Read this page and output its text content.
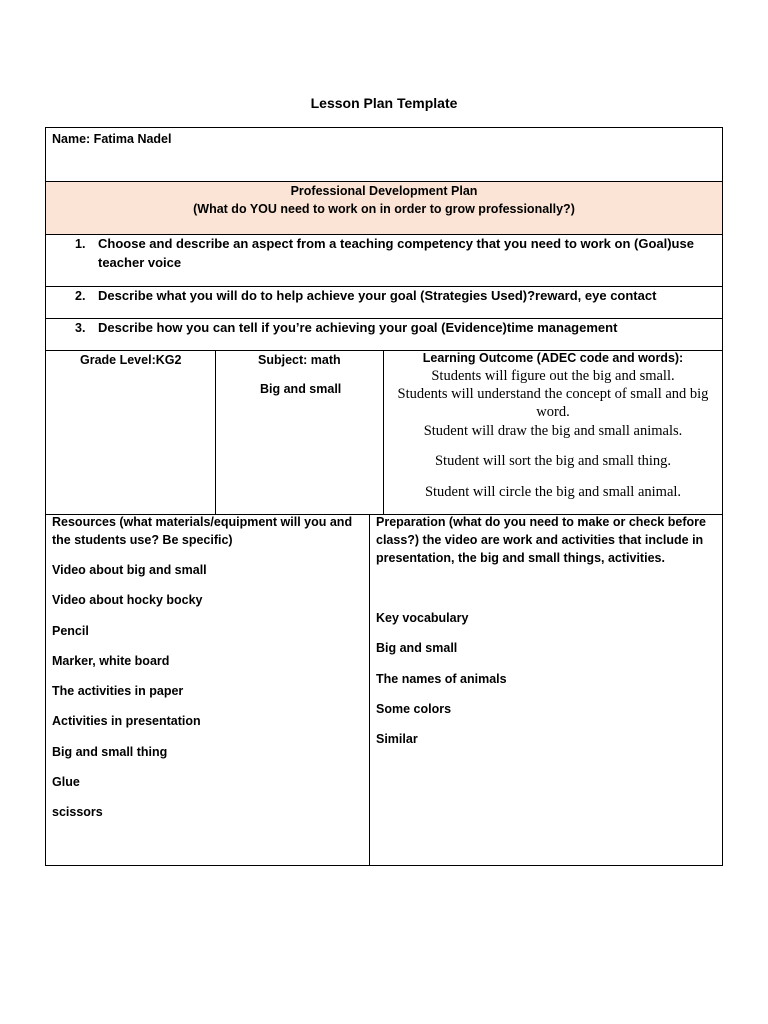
Lesson Plan Template
Name: Fatima Nadel
Professional Development Plan
(What do YOU need to work on in order to grow professionally?)
1. Choose and describe an aspect from a teaching competency that you need to work on (Goal)use
teacher voice
2. Describe what you will do to help achieve your goal (Strategies Used)?reward, eye contact
3. Describe how you can tell if you’re achieving your goal (Evidence)time management
Grade Level:KG2	Subject: math
Big and small
Learning Outcome (ADEC code and words):
Students will figure out the big and small.
Students will understand the concept of small and big
word.
Student will draw the big and small animals.
Student will sort the big and small thing.
Student will circle the big and small animal.
Resources (what materials/equipment will you and
the students use? Be specific)
Video about big and small
Video about hocky bocky
Pencil
Marker, white board
The activities in paper
Activities in presentation
Big and small thing
Glue
scissors
Preparation (what do you need to make or check before
class?) the video are work and activities that include in
presentation, the big and small things, activities.
Key vocabulary
Big and small
The names of animals
Some colors
Similar
